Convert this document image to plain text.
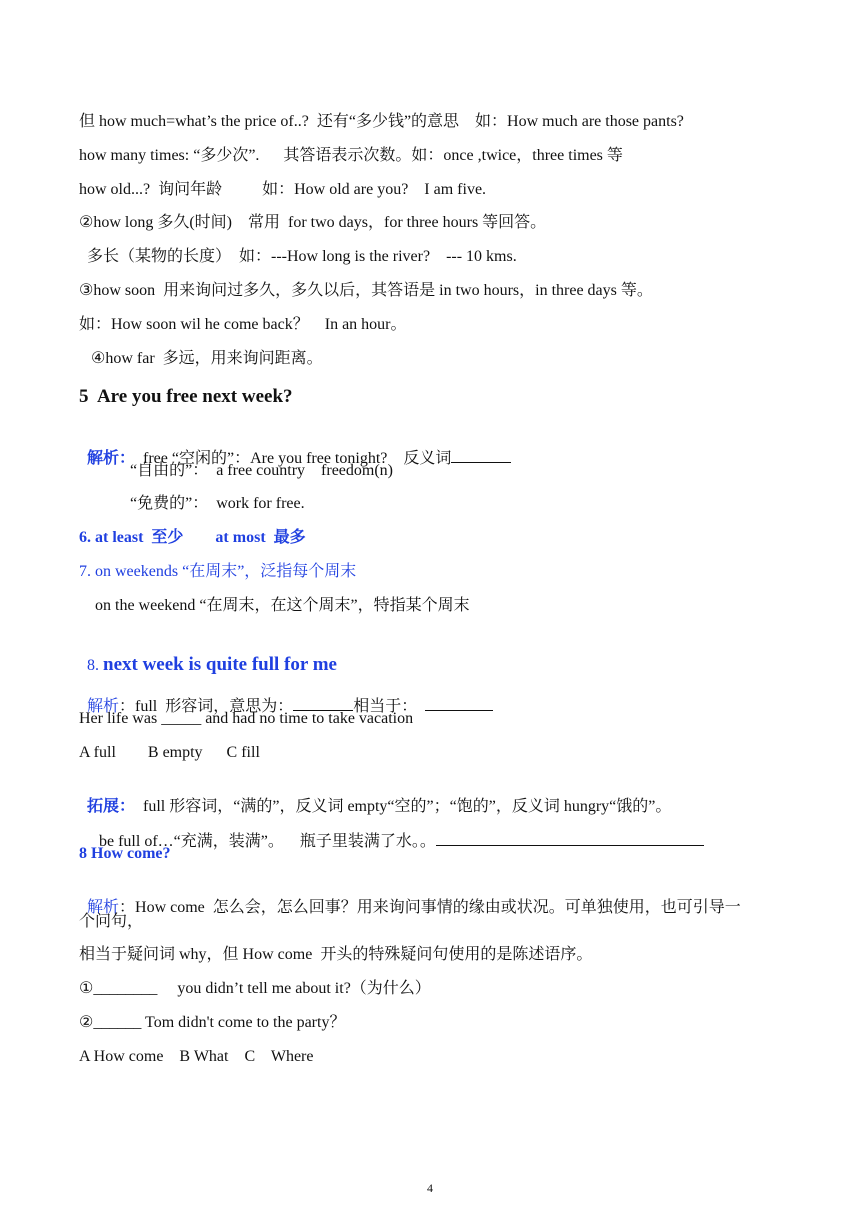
但 how much=what’s the price of..?  还有“多少钱”的意思    如：How much are those pants?
how many times: “多少次”.      其答语表示次数。如：once ,twice，three times 等
how old...?  询问年龄          如：How old are you?    I am five.
②how long 多久(时间)    常用  for two days，for three hours 等回答。
多长（某物的长度）  如：---How long is the river?    --- 10 kms.
③how soon  用来询问过多久，多久以后，其答语是 in two hours，in three days 等。
如：How soon wil he come back？    In an hour。
④how far  多远，用来询问距离。
5  Are you free next week?

解析：  free “空闲的”：Are you free tonight?    反义词

“自由的”：  a free country    freedom(n)
“免费的”：  work for free.
6. at least  至少        at most  最多
7. on weekends “在周末”，泛指每个周末
on the weekend “在周末，在这个周末”，特指某个周末

8. next week is quite full for me

解析：full  形容词，意思为：	相当于：

Her life was _____ and had no time to take vacation
A full        B empty      C fill

拓展：  full 形容词，“满的”，反义词 empty“空的”；“饱的”，反义词 hungry“饿的”。

be full of…“充满，装满”。    瓶子里装满了水。。

8 How come?

解析：How come  怎么会，怎么回事？用来询问事情的缘由或状况。可单独使用，也可引导一

个问句，
相当于疑问词 why，但 How come  开头的特殊疑问句使用的是陈述语序。
①________     you didn’t tell me about it?（为什么）
②______ Tom didn't come to the party？
A How come    B What    C    Where
4
